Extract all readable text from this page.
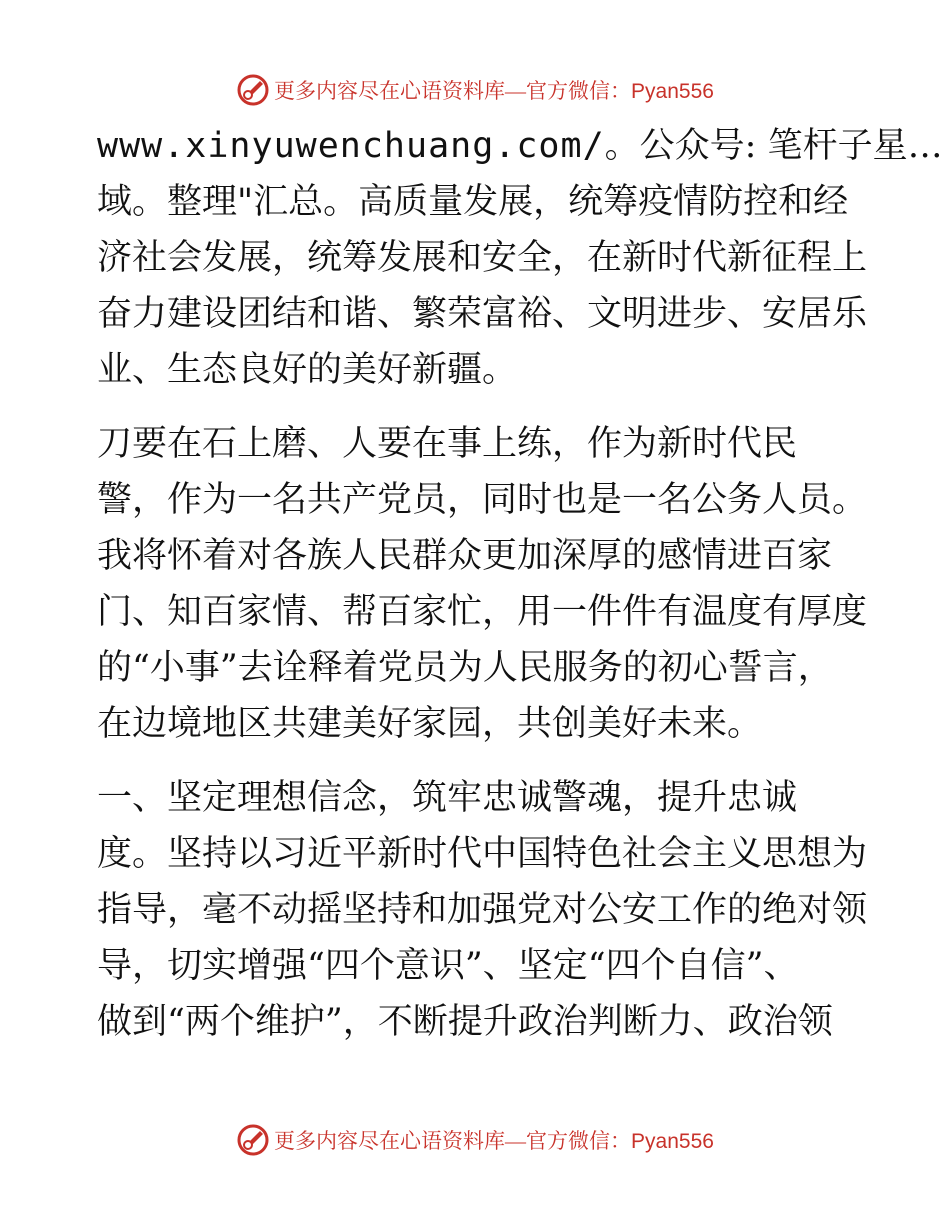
更多内容尽在心语资料库—官方微信：Pyan556
www.xinyuwenchuang.com/。公众号: 笔杆子星…
域。整理"汇总。高质量发展，统筹疫情防控和经
济社会发展，统筹发展和安全，在新时代新征程上
奋力建设团结和谐、繁荣富裕、文明进步、安居乐
业、生态良好的美好新疆。
刀要在石上磨、人要在事上练，作为新时代民
警，作为一名共产党员，同时也是一名公务人员。
我将怀着对各族人民群众更加深厚的感情进百家
门、知百家情、帮百家忙，用一件件有温度有厚度
的“小事”去诠释着党员为人民服务的初心誓言，
在边境地区共建美好家园，共创美好未来。
一、坚定理想信念，筑牢忠诚警魂，提升忠诚
度。坚持以习近平新时代中国特色社会主义思想为
指导，毫不动摇坚持和加强党对公安工作的绝对领
导，切实增强“四个意识”、坚定“四个自信”、
做到“两个维护”，不断提升政治判断力、政治领
更多内容尽在心语资料库—官方微信：Pyan556
